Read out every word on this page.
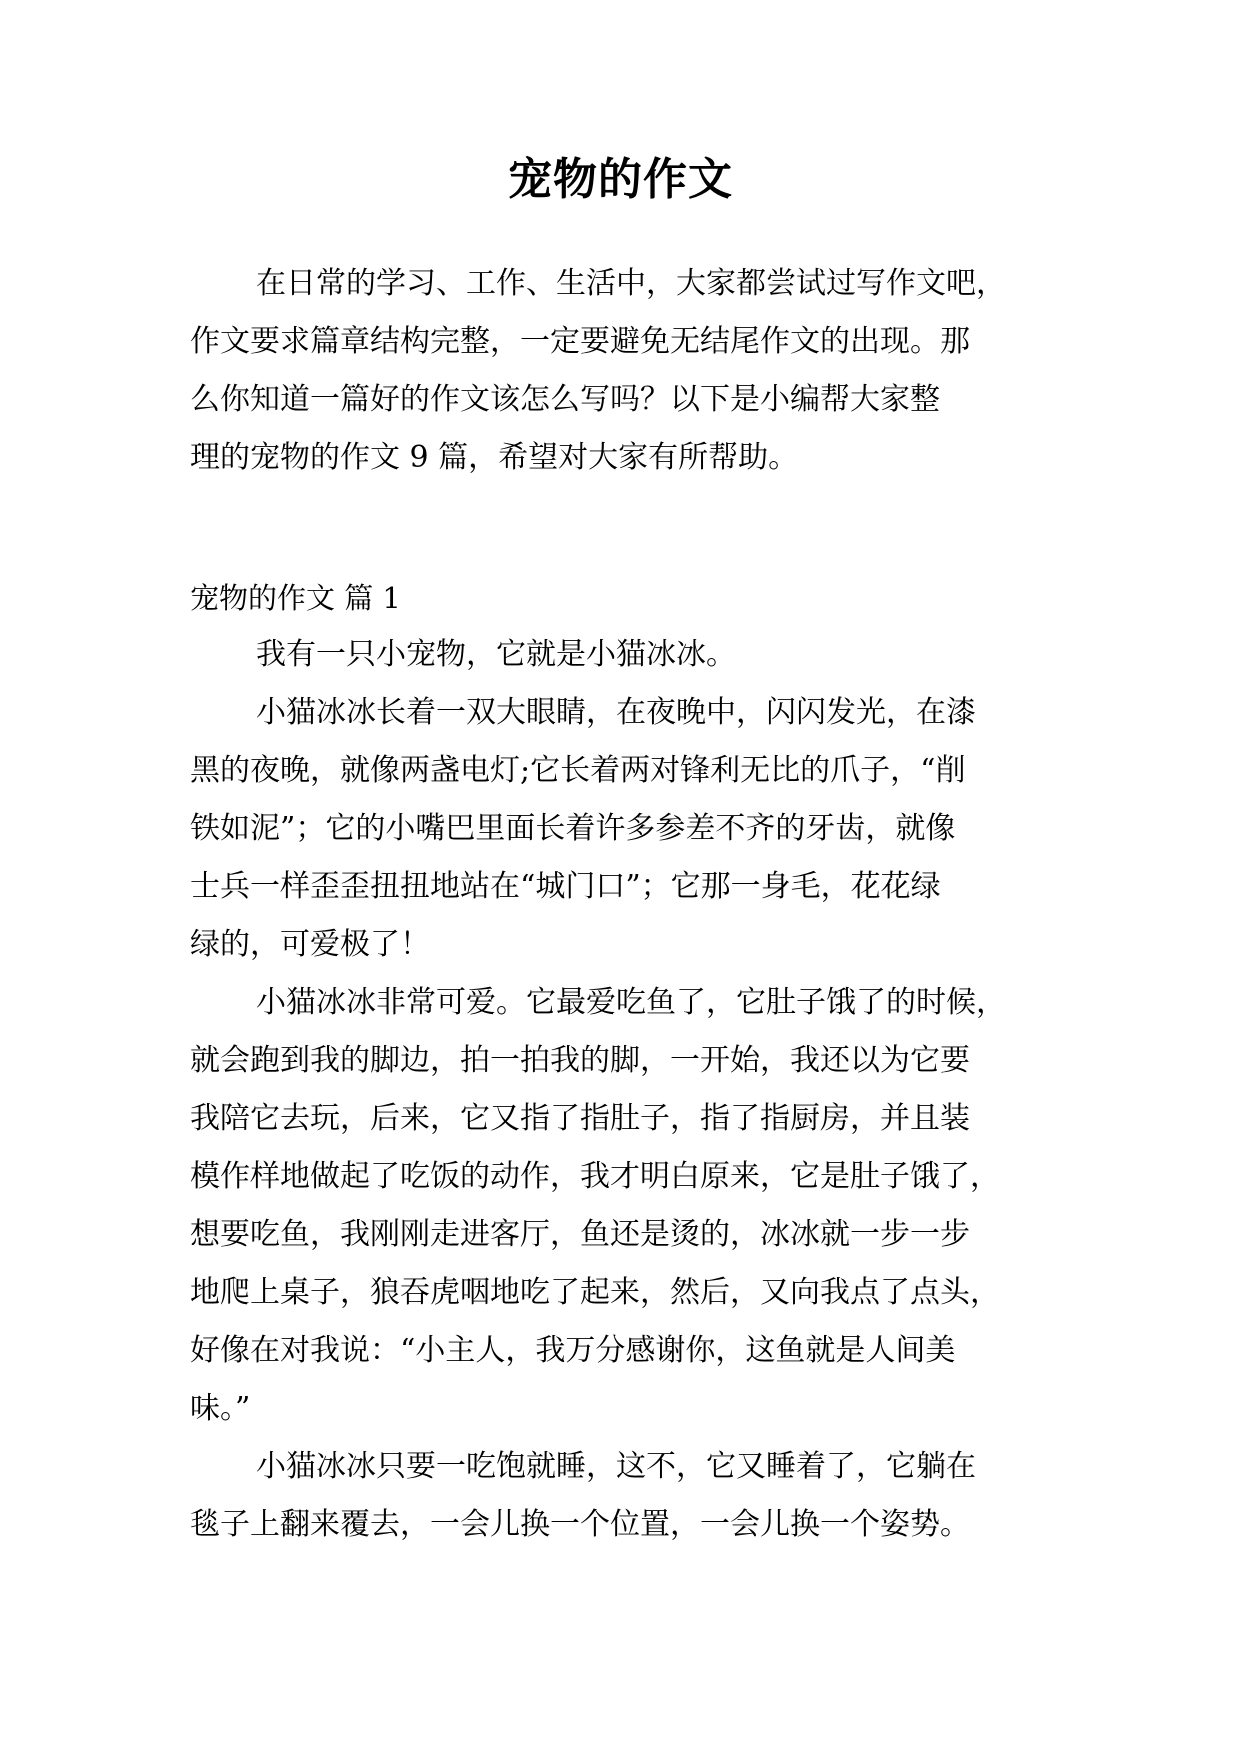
宠物的作文
在日常的学习、工作、生活中，大家都尝试过写作文吧，
作文要求篇章结构完整，一定要避免无结尾作文的出现。那
么你知道一篇好的作文该怎么写吗？以下是小编帮大家整
理的宠物的作文 9 篇，希望对大家有所帮助。
宠物的作文 篇 1
我有一只小宠物，它就是小猫冰冰。
小猫冰冰长着一双大眼睛，在夜晚中，闪闪发光，在漆
黑的夜晚，就像两盏电灯;它长着两对锋利无比的爪子，“削
铁如泥”；它的小嘴巴里面长着许多参差不齐的牙齿，就像
士兵一样歪歪扭扭地站在“城门口”；它那一身毛，花花绿
绿的，可爱极了！
小猫冰冰非常可爱。它最爱吃鱼了，它肚子饿了的时候，
就会跑到我的脚边，拍一拍我的脚，一开始，我还以为它要
我陪它去玩，后来，它又指了指肚子，指了指厨房，并且装
模作样地做起了吃饭的动作，我才明白原来，它是肚子饿了，
想要吃鱼，我刚刚走进客厅，鱼还是烫的，冰冰就一步一步
地爬上桌子，狼吞虎咽地吃了起来，然后，又向我点了点头，
好像在对我说：“小主人，我万分感谢你，这鱼就是人间美
味。”
小猫冰冰只要一吃饱就睡，这不，它又睡着了，它躺在
毯子上翻来覆去，一会儿换一个位置，一会儿换一个姿势。
